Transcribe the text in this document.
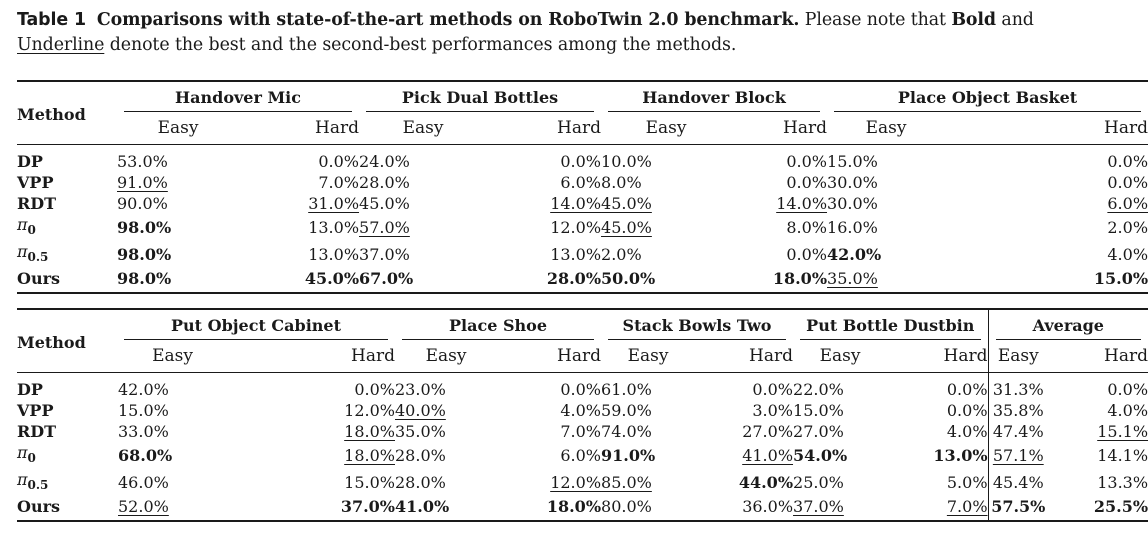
Table 1 Comparisons with state-of-the-art methods on RoboTwin 2.0 benchmark. Please note that Bold and Underline denote the best and the second-best performances among the methods.
Method	Handover Mic		Pick Dual Bottles		Handover Block		Place Object Basket	
	Easy	Hard	Easy	Hard	Easy	Hard	Easy	Hard
DP	53.0%	0.0%	24.0%	0.0%	10.0%	0.0%	15.0%	0.0%
VPP	91.0%	7.0%	28.0%	6.0%	8.0%	0.0%	30.0%	0.0%
RDT	90.0%	31.0%	45.0%	14.0%	45.0%	14.0%	30.0%	6.0%
$\pi_0$	98.0%	13.0%	57.0%	12.0%	45.0%	8.0%	16.0%	2.0%
$\pi_{0.5}$	98.0%	13.0%	37.0%	13.0%	2.0%	0.0%	42.0%	4.0%
Ours	98.0%	45.0%	67.0%	28.0%	50.0%	18.0%	35.0%	15.0%
Method	Put Object Cabinet		Place Shoe		Stack Bowls Two		Put Bottle Dustbin		Average	
	Easy	Hard	Easy	Hard	Easy	Hard	Easy	Hard	Easy	Hard
DP	42.0%	0.0%	23.0%	0.0%	61.0%	0.0%	22.0%	0.0%	31.3%	0.0%
VPP	15.0%	12.0%	40.0%	4.0%	59.0%	3.0%	15.0%	0.0%	35.8%	4.0%
RDT	33.0%	18.0%	35.0%	7.0%	74.0%	27.0%	27.0%	4.0%	47.4%	15.1%
$\pi_0$	68.0%	18.0%	28.0%	6.0%	91.0%	41.0%	54.0%	13.0%	57.1%	14.1%
$\pi_{0.5}$	46.0%	15.0%	28.0%	12.0%	85.0%	44.0%	25.0%	5.0%	45.4%	13.3%
Ours	52.0%	37.0%	41.0%	18.0%	80.0%	36.0%	37.0%	7.0%	57.5%	25.5%
